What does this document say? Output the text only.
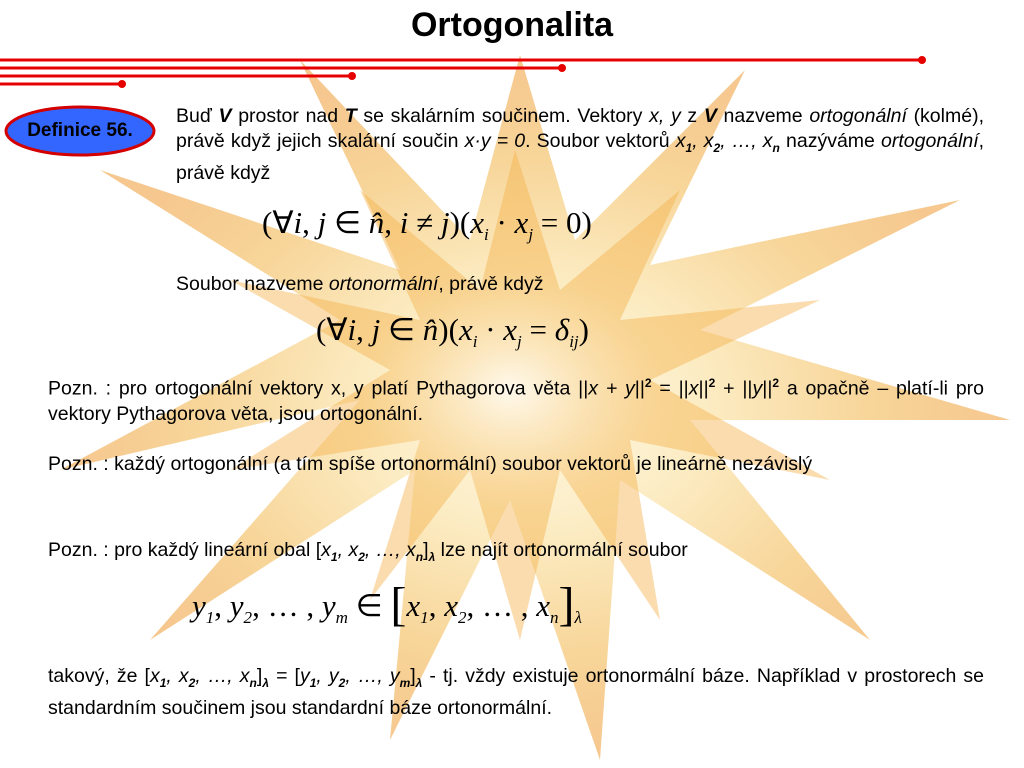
Ortogonalita
Definice 56.
Buď V prostor nad T se skalárním součinem. Vektory x, y z V nazveme ortogonální (kolmé), právě když jejich skalární součin x·y = 0. Soubor vektorů $x_1$, $x_2$, …, $x_n$ nazýváme ortogonální, právě když
(∀i, j ∈ n̂, $i \ne j)(x_i \cdot x_j = 0)$
Soubor nazveme ortonormální, právě když
(∀i, j ∈ $n̂)(x_i \cdot x_j = \delta_{ij})$
Pozn. : pro ortogonální vektory x, y platí Pythagorova věta $||x + y||^2 = ||x||^2 + ||y||^2$ a opačně – platí-li pro vektory Pythagorova věta, jsou ortogonální.
Pozn. : každý ortogonální (a tím spíše ortonormální) soubor vektorů je lineárně nezávislý
Pozn. : pro každý lineární obal [$x_1$, $x_2$, …, $x_n]_\lambda$ lze najít ortonormální soubor
$y_1$, $y_2$, … , $y_m$ ∈ [$x_1$, $x_2$, … , $x_n]_\lambda$
takový, že [$x_1$, $x_2$, …, $x_n]_\lambda = [y_1$, $y_2$, …, $y_m]_\lambda$ - tj. vždy existuje ortonormální báze. Například v prostorech se standardním součinem jsou standardní báze ortonormální.
